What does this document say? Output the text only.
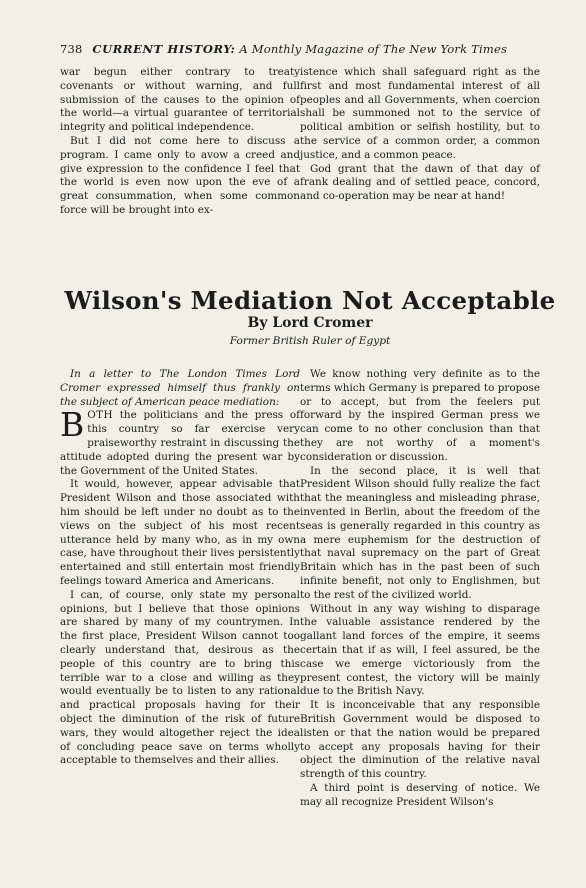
738 CURRENT HISTORY: A Monthly Magazine of The New York Times

war begun either contrary to treaty covenants or without warning, and full submission of the causes to the opinion of the world—a virtual guarantee of territorial integrity and political independence.

But I did not come here to discuss a program. I came only to avow a creed and give expression to the confidence I feel that the world is even now upon the eve of a great consummation, when some common force will be brought into ex-

istence which shall safeguard right as the first and most fundamental interest of all peoples and all Governments, when coercion shall be summoned not to the service of political ambition or selfish hostility, but to the service of a common order, a common justice, and a common peace.

God grant that the dawn of that day of frank dealing and of settled peace, concord, and co-operation may be near at hand!

Wilson's Mediation Not Acceptable
By Lord Cromer
Former British Ruler of Egypt

In a letter to The London Times Lord Cromer expressed himself thus frankly on the subject of American peace mediation:

BOTH the politicians and the press of this country so far exercise very praiseworthy restraint in discussing the attitude adopted during the present war by the Government of the United States.

It would, however, appear advisable that President Wilson and those associated with him should be left under no doubt as to the views on the subject of his most recent utterance held by many who, as in my own case, have throughout their lives persistently entertained and still entertain most friendly feelings toward America and Americans.

I can, of course, only state my personal opinions, but I believe that those opinions are shared by many of my countrymen. In the first place, President Wilson cannot too clearly understand that, desirous as the people of this country are to bring this terrible war to a close and willing as they would eventually be to listen to any rational and practical proposals having for their object the diminution of the risk of future wars, they would altogether reject the idea of concluding peace save on terms wholly acceptable to themselves and their allies.

We know nothing very definite as to the terms which Germany is prepared to propose or to accept, but from the feelers put forward by the inspired German press we can come to no other conclusion than that they are not worthy of a moment's consideration or discussion.

In the second place, it is well that President Wilson should fully realize the fact that the meaningless and misleading phrase, invented in Berlin, about the freedom of the seas is generally regarded in this country as a mere euphemism for the destruction of that naval supremacy on the part of Great Britain which has in the past been of such infinite benefit, not only to Englishmen, but to the rest of the civilized world.

Without in any way wishing to disparage the valuable assistance rendered by the gallant land forces of the empire, it seems certain that if as will, I feel assured, be the case we emerge victoriously from the present contest, the victory will be mainly due to the British Navy.

It is inconceivable that any responsible British Government would be disposed to listen or that the nation would be prepared to accept any proposals having for their object the diminution of the relative naval strength of this country.

A third point is deserving of notice. We may all recognize President Wilson's
